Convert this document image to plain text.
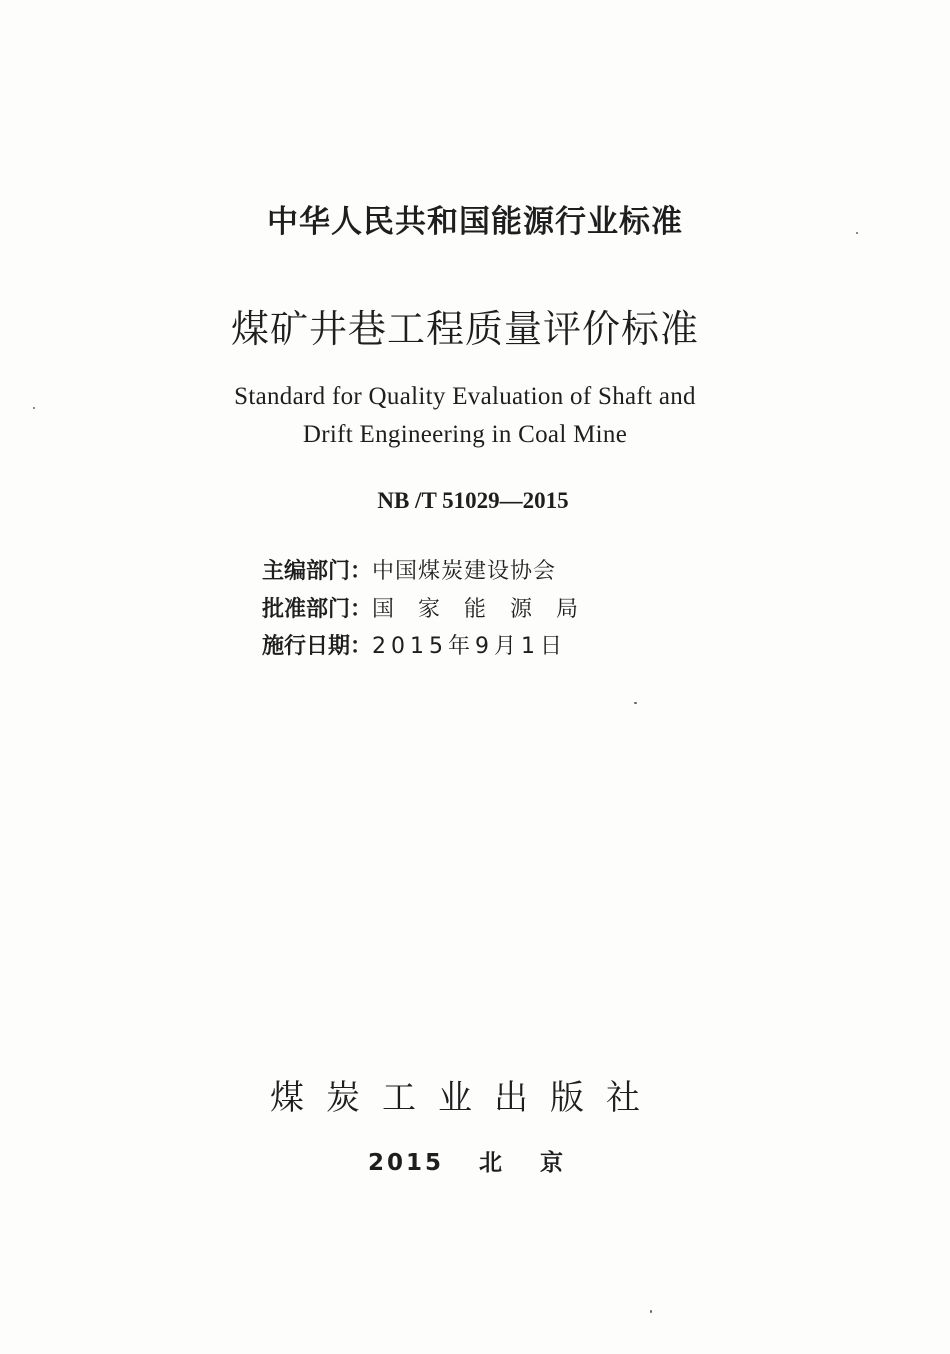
中华人民共和国能源行业标准
煤矿井巷工程质量评价标准
Standard for Quality Evaluation of Shaft and
Drift Engineering in Coal Mine
NB /T 51029—2015
主编部门：中国煤炭建设协会
批准部门：国家能源局
施行日期：2015年9月1日
煤炭工业出版社
2015 北 京
